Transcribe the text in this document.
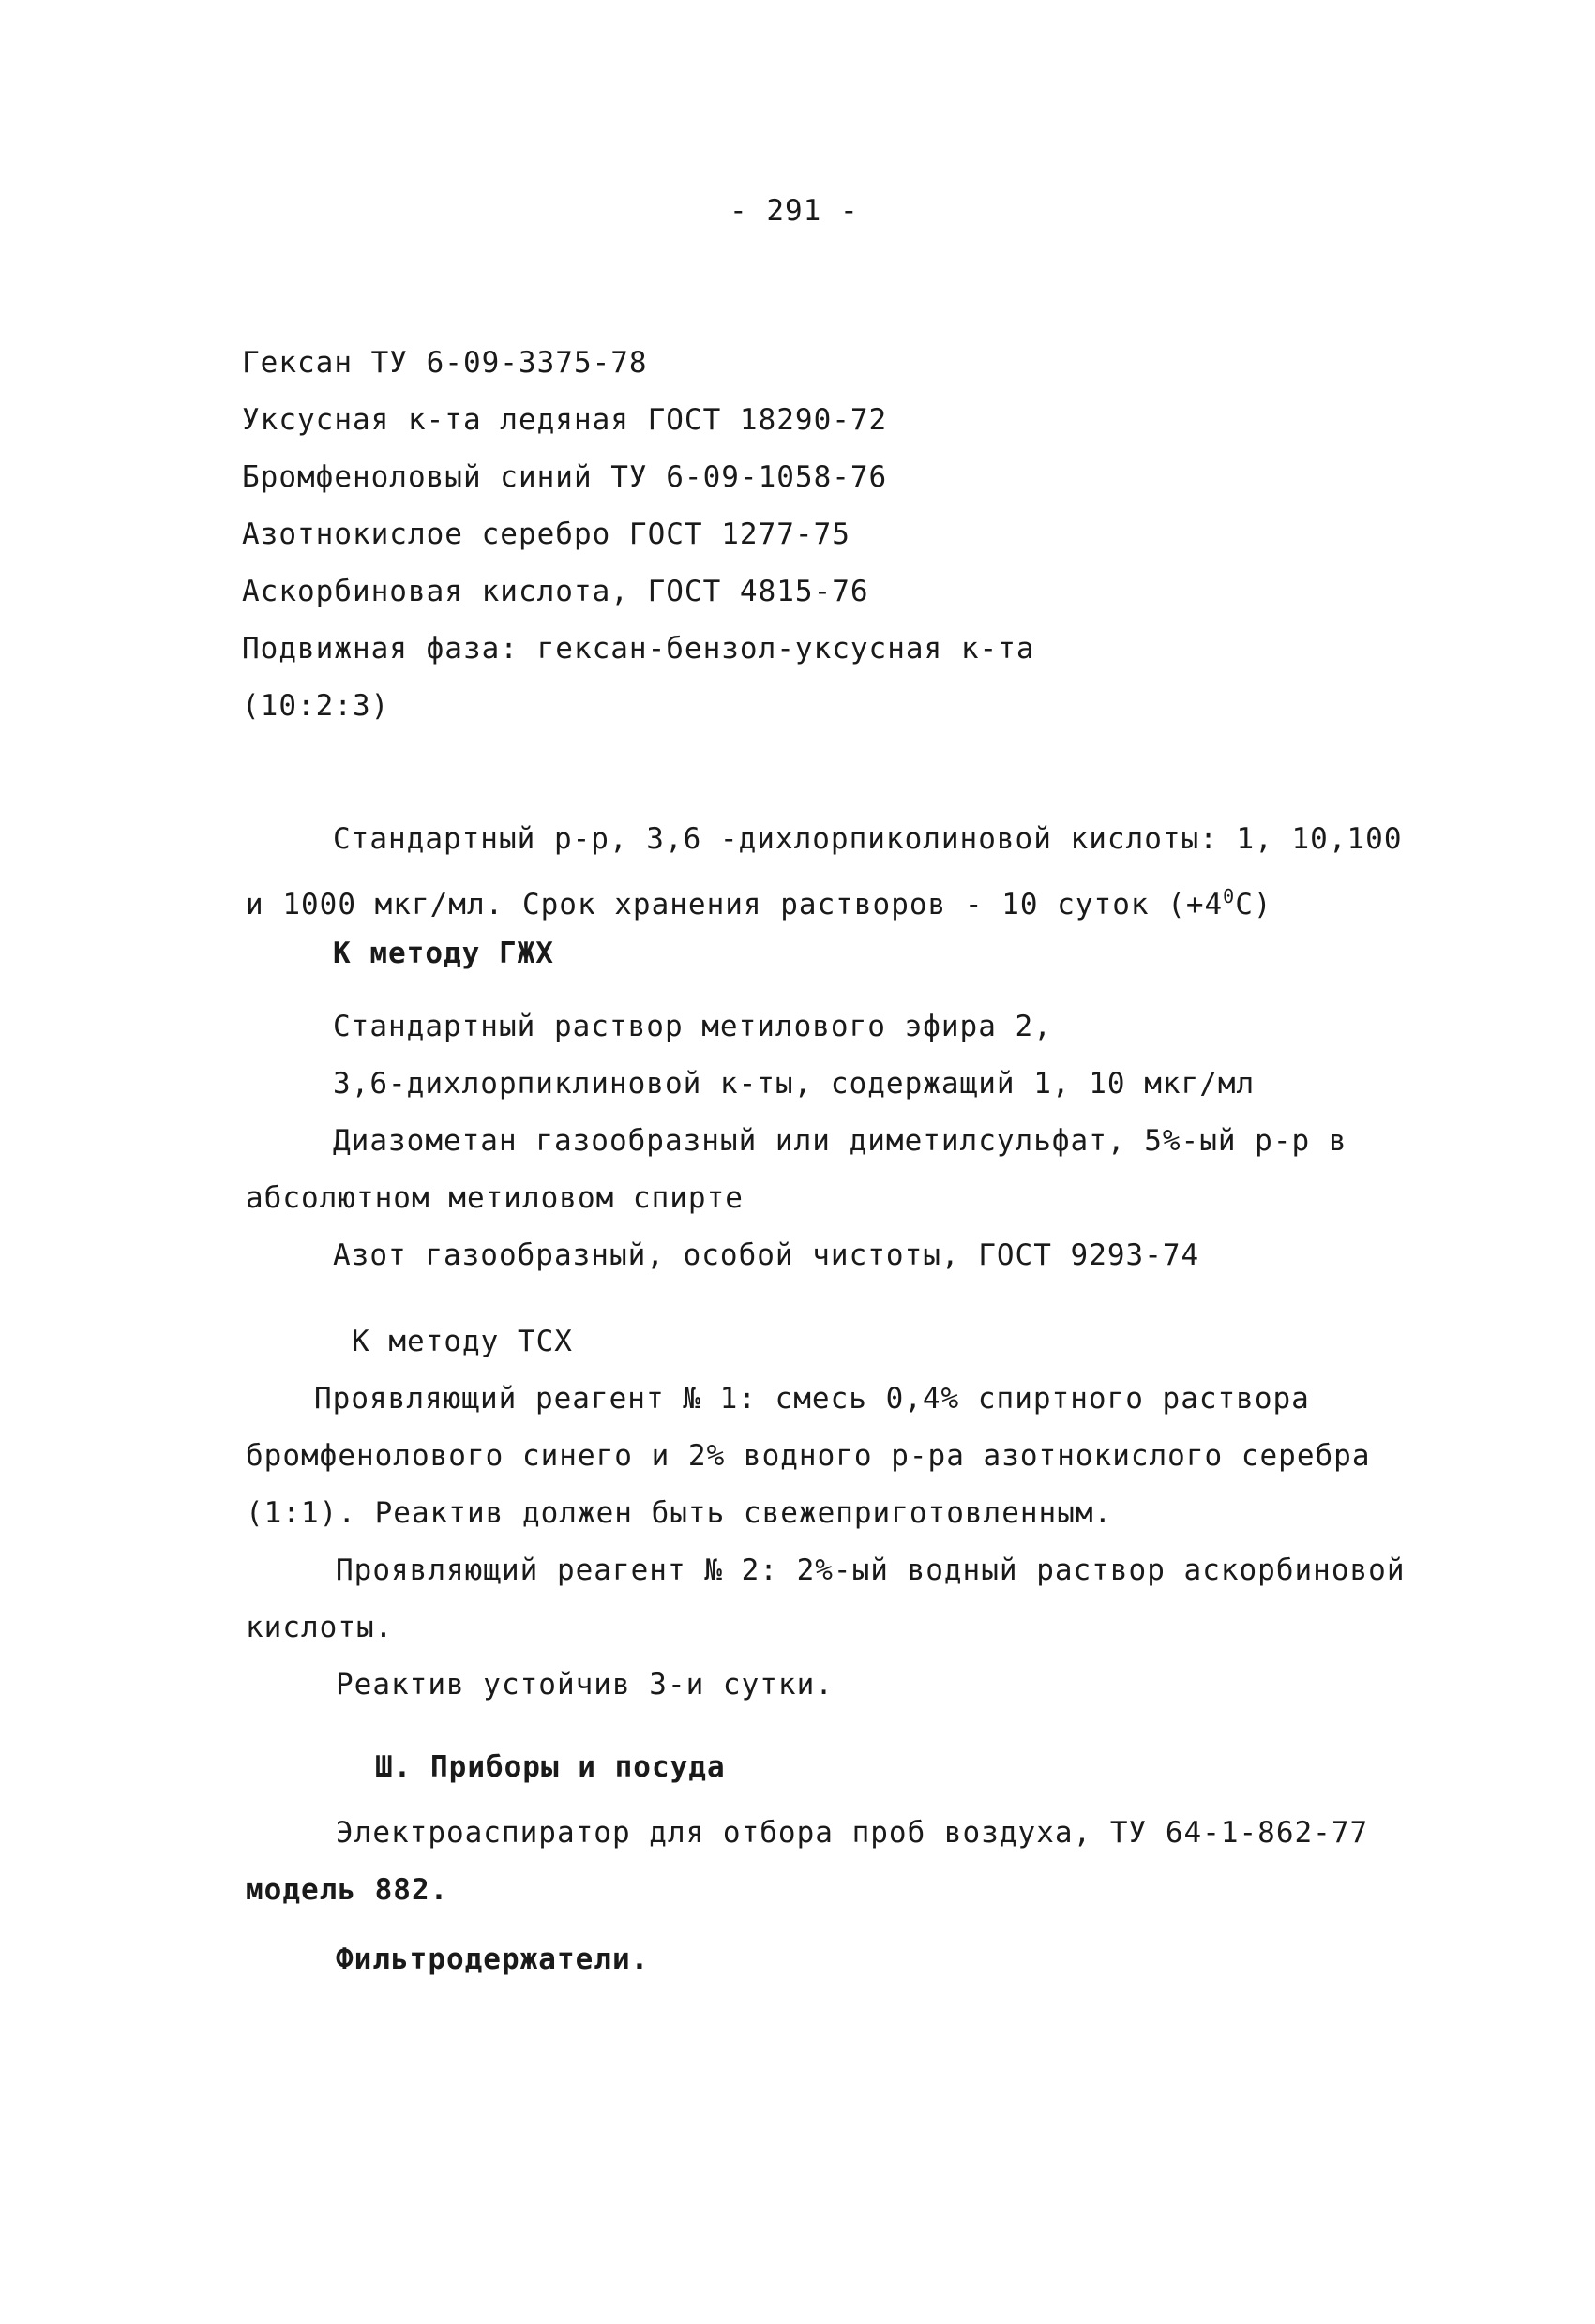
- 291 -
Гексан ТУ 6-09-3375-78
Уксусная к-та ледяная ГОСТ 18290-72
Бромфеноловый синий ТУ 6-09-1058-76
Азотнокислое серебро ГОСТ 1277-75
Аскорбиновая кислота, ГОСТ 4815-76
Подвижная фаза: гексан-бензол-уксусная к-та
(10:2:3)
Стандартный р-р, 3,6 -дихлорпиколиновой кислоты: 1, 10,100
и 1000 мкг/мл. Срок хранения растворов - 10 суток $(+4^0С)$
К методу ГЖХ
Стандартный раствор метилового эфира 2,
3,6-дихлорпиклиновой к-ты, содержащий 1, 10 мкг/мл
Диазометан газообразный или диметилсульфат, 5%-ый р-р в
абсолютном метиловом спирте
Азот газообразный, особой чистоты, ГОСТ 9293-74
К методу ТСХ
Проявляющий реагент № 1: смесь 0,4% спиртного раствора
бромфенолового синего и 2% водного р-ра азотнокислого серебра
(1:1). Реактив должен быть свежеприготовленным.
Проявляющий реагент № 2: 2%-ый водный раствор аскорбиновой
кислоты.
Реактив устойчив 3-и сутки.
Ш. Приборы и посуда
Электроаспиратор для отбора проб воздуха, ТУ 64-1-862-77
модель 882.
Фильтродержатели.
